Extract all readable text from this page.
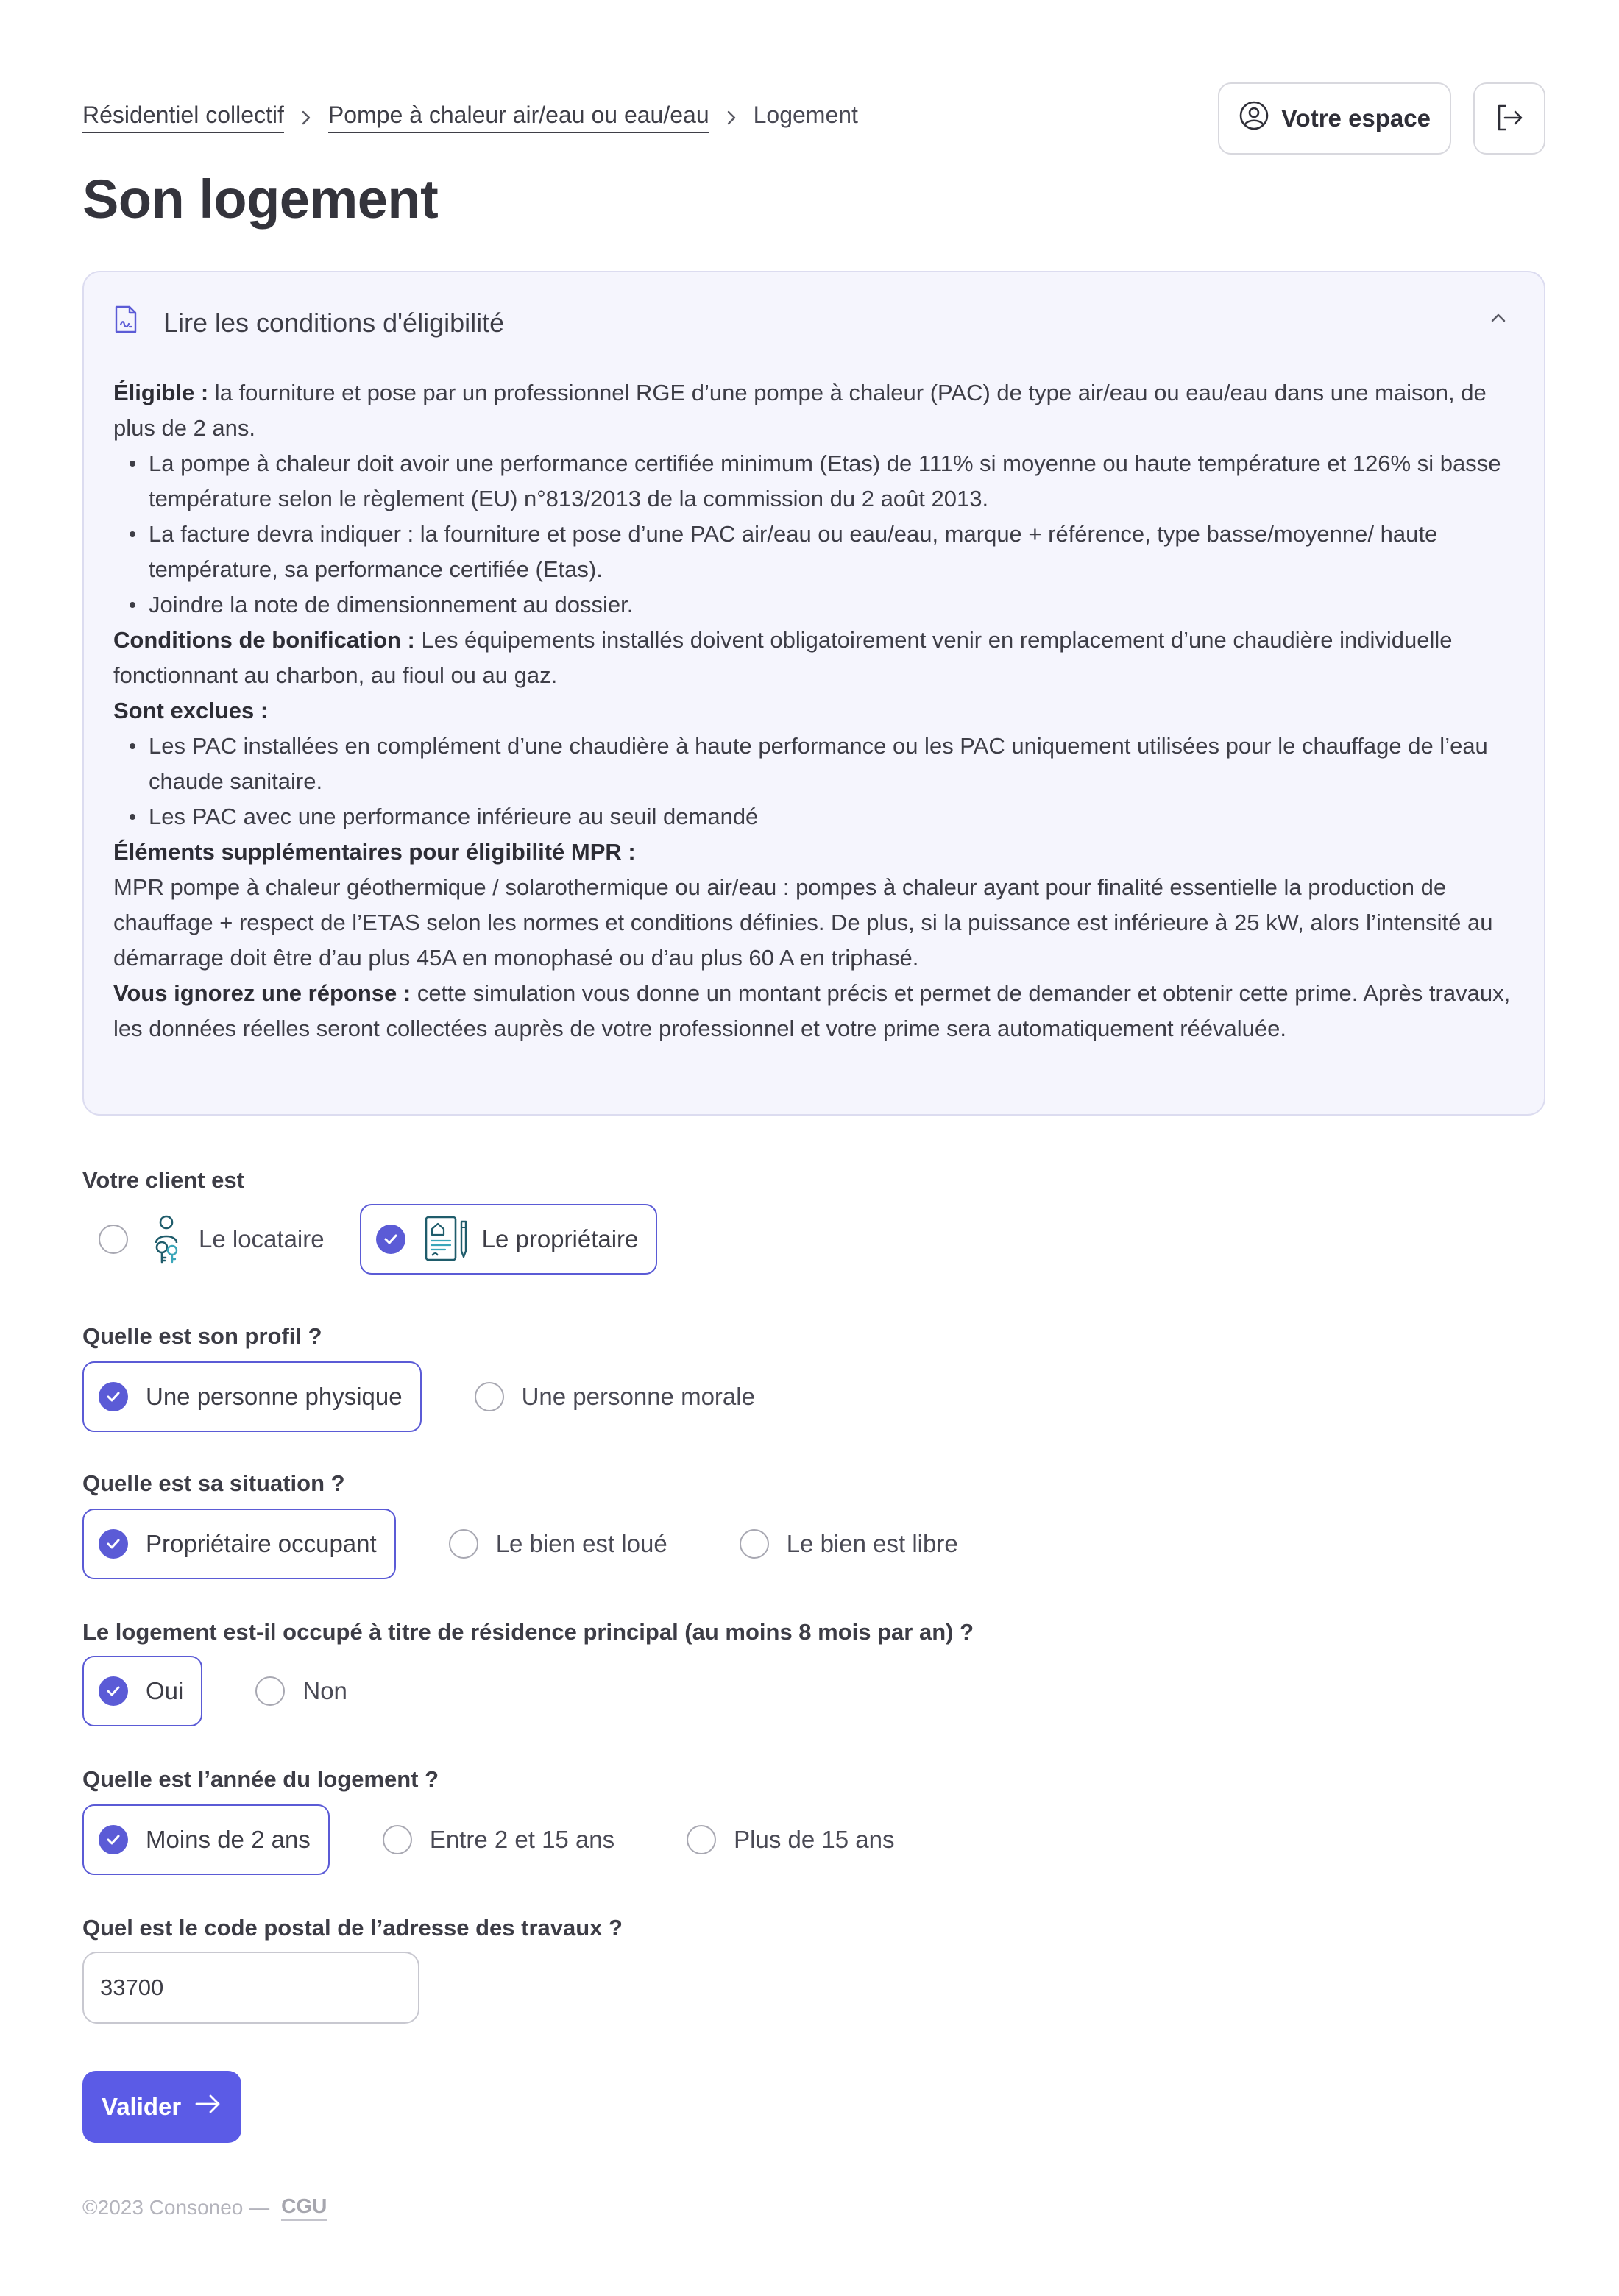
Résidentiel collectif Pompe à chaleur air/eau ou eau/eau Logement	Votre espace
Son logement
Lire les conditions d'éligibilité

Éligible : la fourniture et pose par un professionnel RGE d’une pompe à chaleur (PAC) de type air/eau ou eau/eau dans une maison, de plus de 2 ans.

La pompe à chaleur doit avoir une performance certifiée minimum (Etas) de 111% si moyenne ou haute température et 126% si basse température selon le règlement (EU) n°813/2013 de la commission du 2 août 2013.
La facture devra indiquer : la fourniture et pose d’une PAC air/eau ou eau/eau, marque + référence, type basse/moyenne/ haute température, sa performance certifiée (Etas).
Joindre la note de dimensionnement au dossier.

Conditions de bonification : Les équipements installés doivent obligatoirement venir en remplacement d’une chaudière individuelle fonctionnant au charbon, au fioul ou au gaz.

Sont exclues :

Les PAC installées en complément d’une chaudière à haute performance ou les PAC uniquement utilisées pour le chauffage de l’eau chaude sanitaire.
Les PAC avec une performance inférieure au seuil demandé

Éléments supplémentaires pour éligibilité MPR :

MPR pompe à chaleur géothermique / solarothermique ou air/eau : pompes à chaleur ayant pour finalité essentielle la production de chauffage + respect de l’ETAS selon les normes et conditions définies. De plus, si la puissance est inférieure à 25 kW, alors l’intensité au démarrage doit être d’au plus 45A en monophasé ou d’au plus 60 A en triphasé.

Vous ignorez une réponse : cette simulation vous donne un montant précis et permet de demander et obtenir cette prime. Après travaux, les données réelles seront collectées auprès de votre professionnel et votre prime sera automatiquement réévaluée.

Votre client est
Le locataire	Le propriétaire
Quelle est son profil ?
Une personne physique	Une personne morale
Quelle est sa situation ?
Propriétaire occupant	Le bien est loué	Le bien est libre
Le logement est-il occupé à titre de résidence principal (au moins 8 mois par an) ?
Oui	Non
Quelle est l’année du logement ?
Moins de 2 ans	Entre 2 et 15 ans	Plus de 15 ans
Quel est le code postal de l’adresse des travaux ?
33700
Valider
©2023 Consoneo — CGU
